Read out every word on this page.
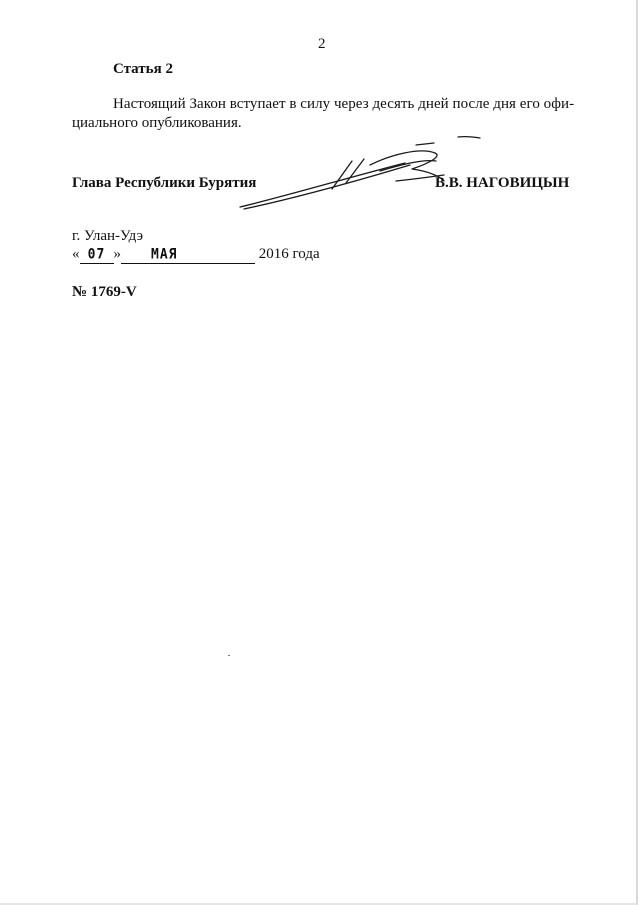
2
Статья 2
Настоящий Закон вступает в силу через десять дней после дня его офи-
циального опубликования.
Глава Республики Бурятия	В.В. НАГОВИЦЫН
г. Улан-Удэ
« 07 » МАЯ	2016 года
№ 1769-V
